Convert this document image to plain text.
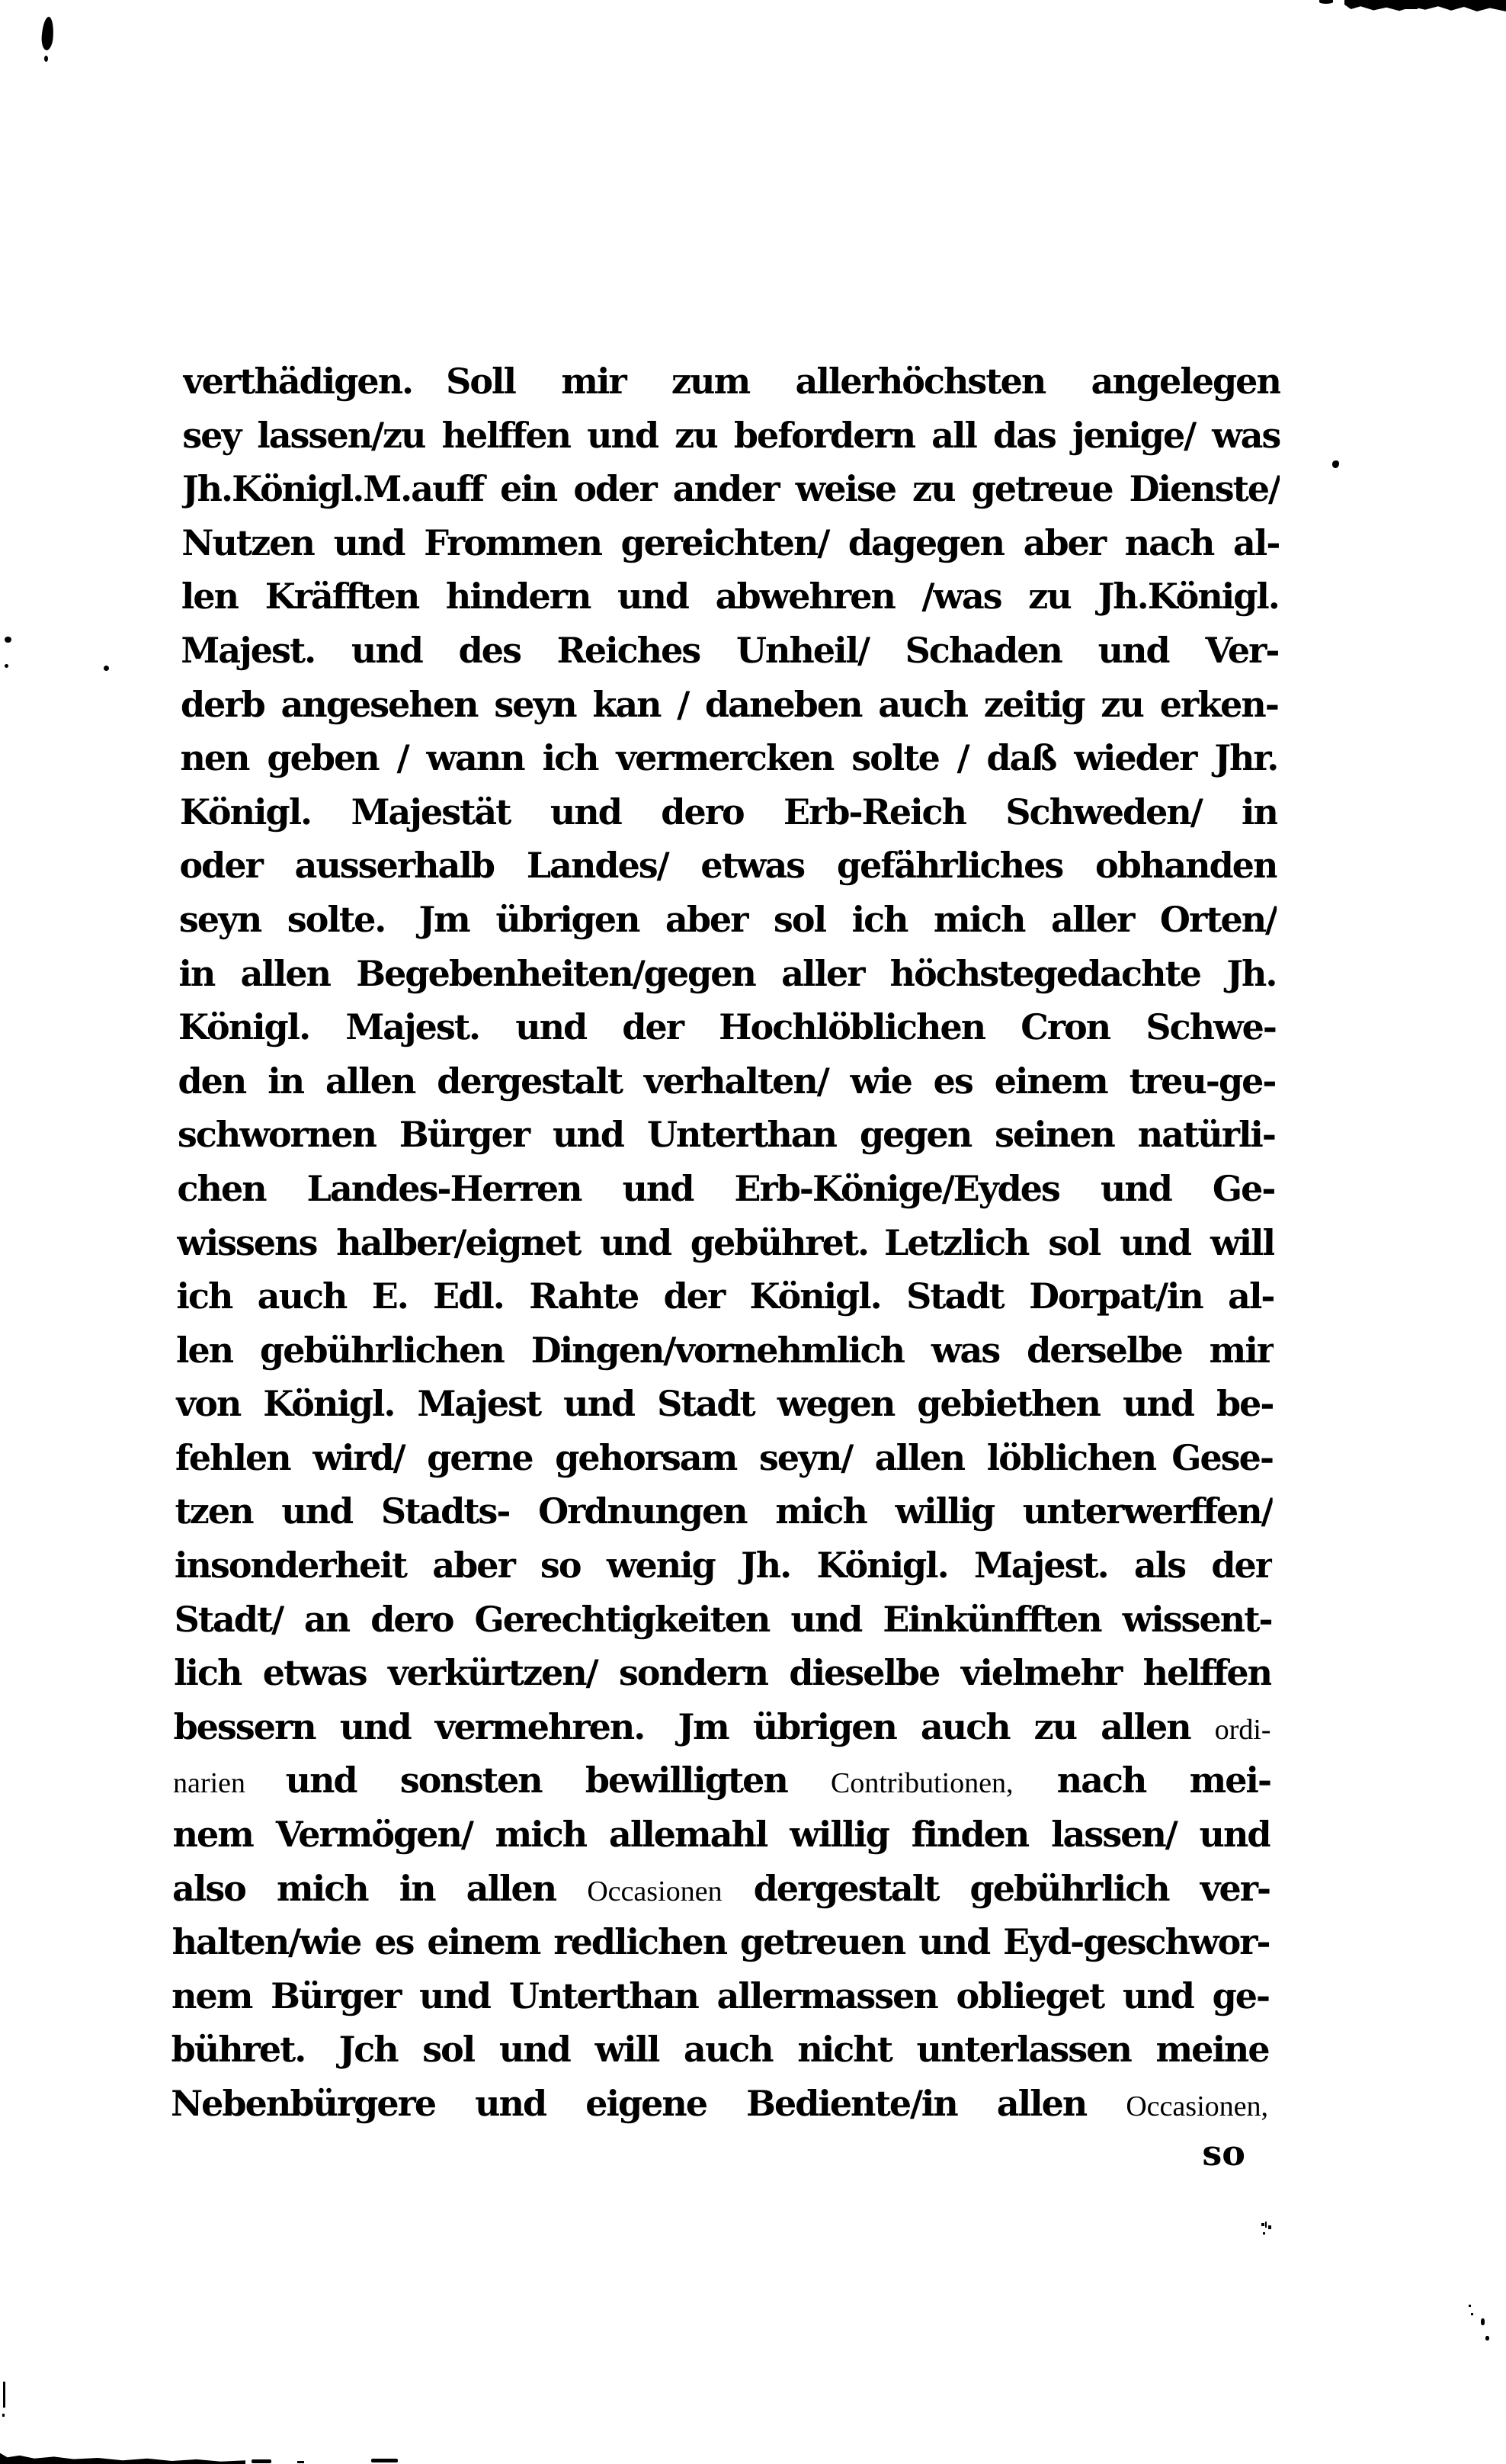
verthädigen. Soll mir zum allerhöchsten angelegen
sey lassen/zu helffen und zu befordern all das jenige/ was
Jh.Königl.M.auff ein oder ander weise zu getreue Dienste/
Nutzen und Frommen gereichten/ dagegen aber nach al-
len Kräfften hindern und abwehren /was zu Jh.Königl.
Majest. und des Reiches Unheil/ Schaden und Ver-
derb angesehen seyn kan / daneben auch zeitig zu erken-
nen geben / wann ich vermercken solte / daß wieder Jhr.
Königl. Majestät und dero Erb-Reich Schweden/ in
oder ausserhalb Landes/ etwas gefährliches obhanden
seyn solte. Jm übrigen aber sol ich mich aller Orten/
in allen Begebenheiten/gegen aller höchstegedachte Jh.
Königl. Majest. und der Hochlöblichen Cron Schwe-
den in allen dergestalt verhalten/ wie es einem treu-ge-
schwornen Bürger und Unterthan gegen seinen natürli-
chen Landes-Herren und Erb-Könige/Eydes und Ge-
wissens halber/eignet und gebühret. Letzlich sol und will
ich auch E. Edl. Rahte der Königl. Stadt Dorpat/in al-
len gebührlichen Dingen/vornehmlich was derselbe mir
von Königl. Majest und Stadt wegen gebiethen und be-
fehlen wird/ gerne gehorsam seyn/ allen löblichen Gese-
tzen und Stadts- Ordnungen mich willig unterwerffen/
insonderheit aber so wenig Jh. Königl. Majest. als der
Stadt/ an dero Gerechtigkeiten und Einkünfften wissent-
lich etwas verkürtzen/ sondern dieselbe vielmehr helffen
bessern und vermehren. Jm übrigen auch zu allen ordi-
narien und sonsten bewilligten Contributionen, nach mei-
nem Vermögen/ mich allemahl willig finden lassen/ und
also mich in allen Occasionen dergestalt gebührlich ver-
halten/wie es einem redlichen getreuen und Eyd-geschwor-
nem Bürger und Unterthan allermassen oblieget und ge-
bühret. Jch sol und will auch nicht unterlassen meine
Nebenbürgere und eigene Bediente/in allen Occasionen,
so
